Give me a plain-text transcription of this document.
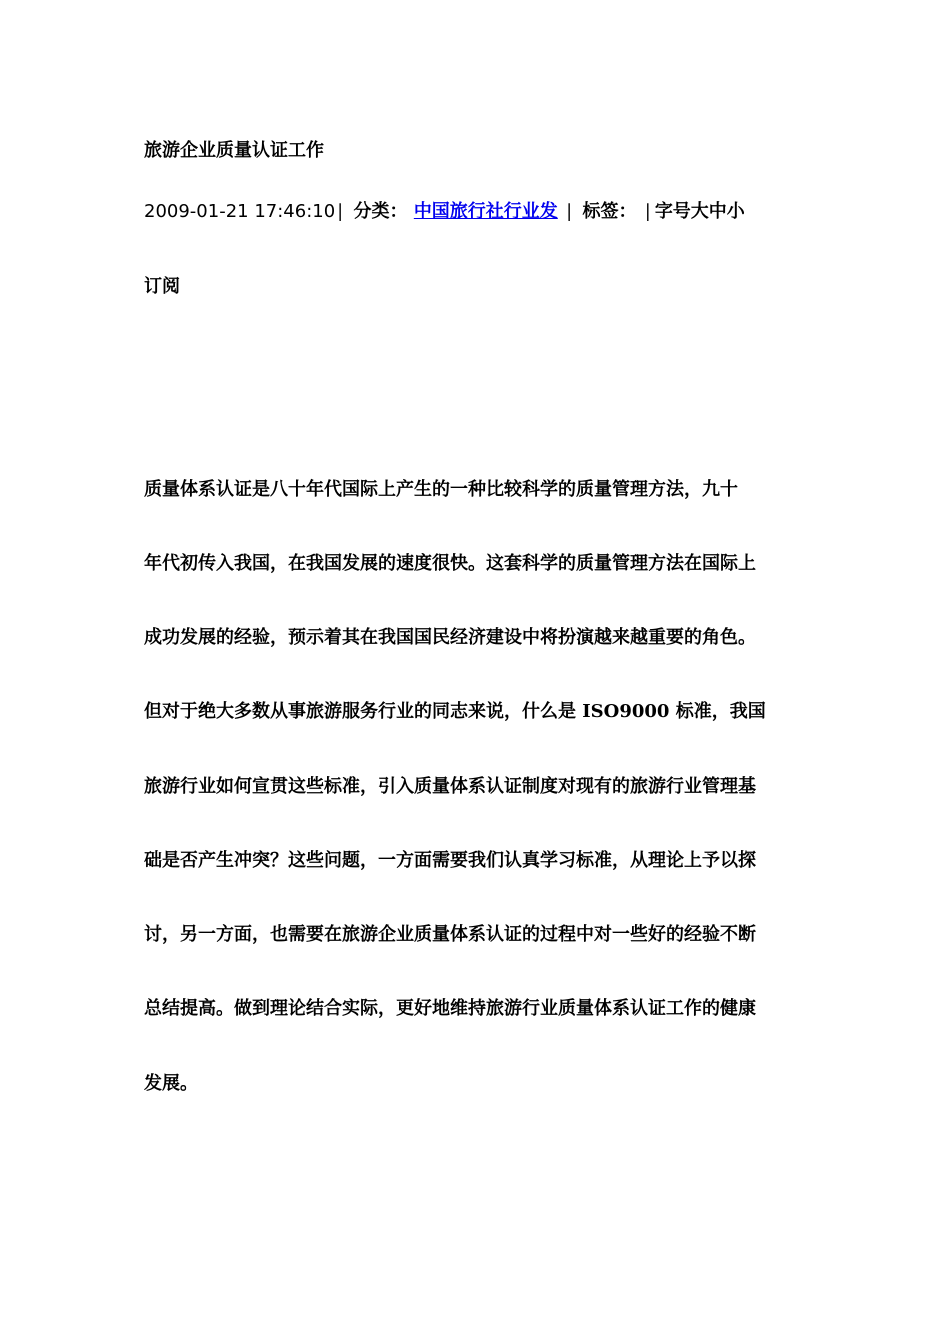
旅游企业质量认证工作
2009-01-21 17:46:10 | 分类： 中国旅行社行业发 | 标签： | 字号大中小
订阅
质量体系认证是八十年代国际上产生的一种比较科学的质量管理方法，九十
年代初传入我国，在我国发展的速度很快。这套科学的质量管理方法在国际上
成功发展的经验，预示着其在我国国民经济建设中将扮演越来越重要的角色。
但对于绝大多数从事旅游服务行业的同志来说，什么是 ISO9000 标准，我国
旅游行业如何宣贯这些标准，引入质量体系认证制度对现有的旅游行业管理基
础是否产生冲突？这些问题，一方面需要我们认真学习标准，从理论上予以探
讨，另一方面，也需要在旅游企业质量体系认证的过程中对一些好的经验不断
总结提高。做到理论结合实际，更好地维持旅游行业质量体系认证工作的健康
发展。
